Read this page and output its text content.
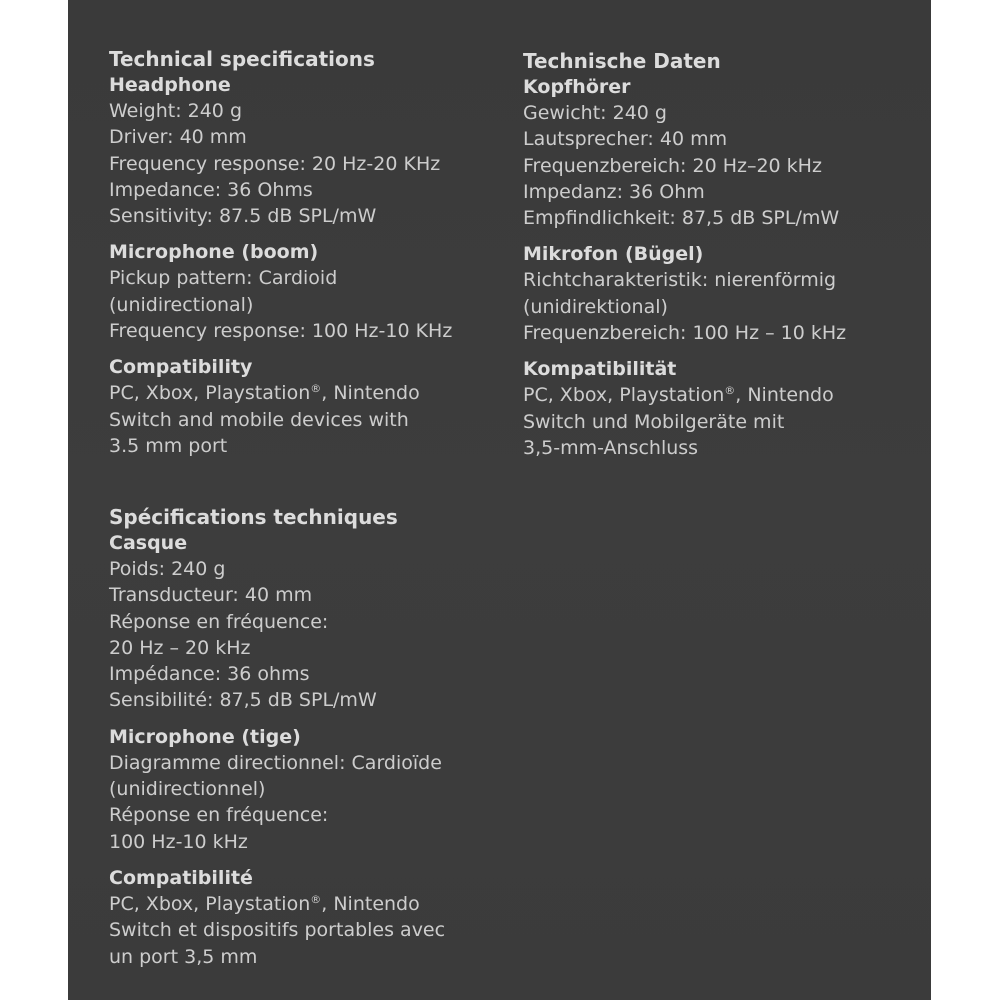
Technical specifications
Headphone
Weight: 240 g
Driver: 40 mm
Frequency response: 20 Hz-20 KHz
Impedance: 36 Ohms
Sensitivity: 87.5 dB SPL/mW
Microphone (boom)
Pickup pattern: Cardioid
(unidirectional)
Frequency response: 100 Hz-10 KHz
Compatibility
PC, Xbox, Playstation®, Nintendo
Switch and mobile devices with
3.5 mm port
Technische Daten
Kopfhörer
Gewicht: 240 g
Lautsprecher: 40 mm
Frequenzbereich: 20 Hz–20 kHz
Impedanz: 36 Ohm
Empfindlichkeit: 87,5 dB SPL/mW
Mikrofon (Bügel)
Richtcharakteristik: nierenförmig
(unidirektional)
Frequenzbereich: 100 Hz – 10 kHz
Kompatibilität
PC, Xbox, Playstation®, Nintendo
Switch und Mobilgeräte mit
3,5-mm-Anschluss
Spécifications techniques
Casque
Poids: 240 g
Transducteur: 40 mm
Réponse en fréquence:
20 Hz – 20 kHz
Impédance: 36 ohms
Sensibilité: 87,5 dB SPL/mW
Microphone (tige)
Diagramme directionnel: Cardioïde
(unidirectionnel)
Réponse en fréquence:
100 Hz-10 kHz
Compatibilité
PC, Xbox, Playstation®, Nintendo
Switch et dispositifs portables avec
un port 3,5 mm
